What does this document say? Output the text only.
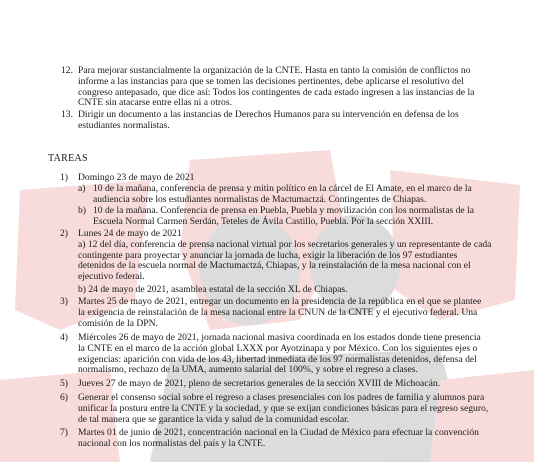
12. Para mejorar sustancialmente la organización de la CNTE. Hasta en tanto la comisión de conflictos no
informe a las instancias para que se tomen las decisiones pertinentes, debe aplicarse el resolutivo del
congreso antepasado, que dice así: Todos los contingentes de cada estado ingresen a las instancias de la
CNTE sin atacarse entre ellas ni a otros.
13. Dirigir un documento a las instancias de Derechos Humanos para su intervención en defensa de los
estudiantes normalistas.
TAREAS
1) Domingo 23 de mayo de 2021
a) 10 de la mañana, conferencia de prensa y mitin político en la cárcel de El Amate, en el marco de la
audiencia sobre los estudiantes normalistas de Mactumactzá. Contingentes de Chiapas.
b) 10 de la mañana. Conferencia de prensa en Puebla, Puebla y movilización con los normalistas de la
Escuela Normal Carmen Serdán, Teteles de Ávila Castillo, Puebla. Por la sección XXIII.
2) Lunes 24 de mayo de 2021
a) 12 del día, conferencia de prensa nacional virtual por los secretarios generales y un representante de cada
contingente para proyectar y anunciar la jornada de lucha, exigir la liberación de los 97 estudiantes
detenidos de la escuela normal de Mactumactzá, Chiapas, y la reinstalación de la mesa nacional con el
ejecutivo federal.
b) 24 de mayo de 2021, asamblea estatal de la sección XL de Chiapas.
3) Martes 25 de mayo de 2021, entregar un documento en la presidencia de la república en el que se plantee
la exigencia de reinstalación de la mesa nacional entre la CNUN de la CNTE y el ejecutivo federal. Una
comisión de la DPN.
4) Miércoles 26 de mayo de 2021, jornada nacional masiva coordinada en los estados donde tiene presencia
la CNTE en el marco de la acción global LXXX por Ayotzinapa y por México. Con los siguientes ejes o
exigencias: aparición con vida de los 43, libertad inmediata de los 97 normalistas detenidos, defensa del
normalismo, rechazo de la UMA, aumento salarial del 100%, y sobre el regreso a clases.
5) Jueves 27 de mayo de 2021, pleno de secretarios generales de la sección XVIII de Michoacán.
6) Generar el consenso social sobre el regreso a clases presenciales con los padres de familia y alumnos para
unificar la postura entre la CNTE y la sociedad, y que se exijan condiciones básicas para el regreso seguro,
de tal manera que se garantice la vida y salud de la comunidad escolar.
7) Martes 01 de junio de 2021, concentración nacional en la Ciudad de México para efectuar la convención
nacional con los normalistas del país y la CNTE.
